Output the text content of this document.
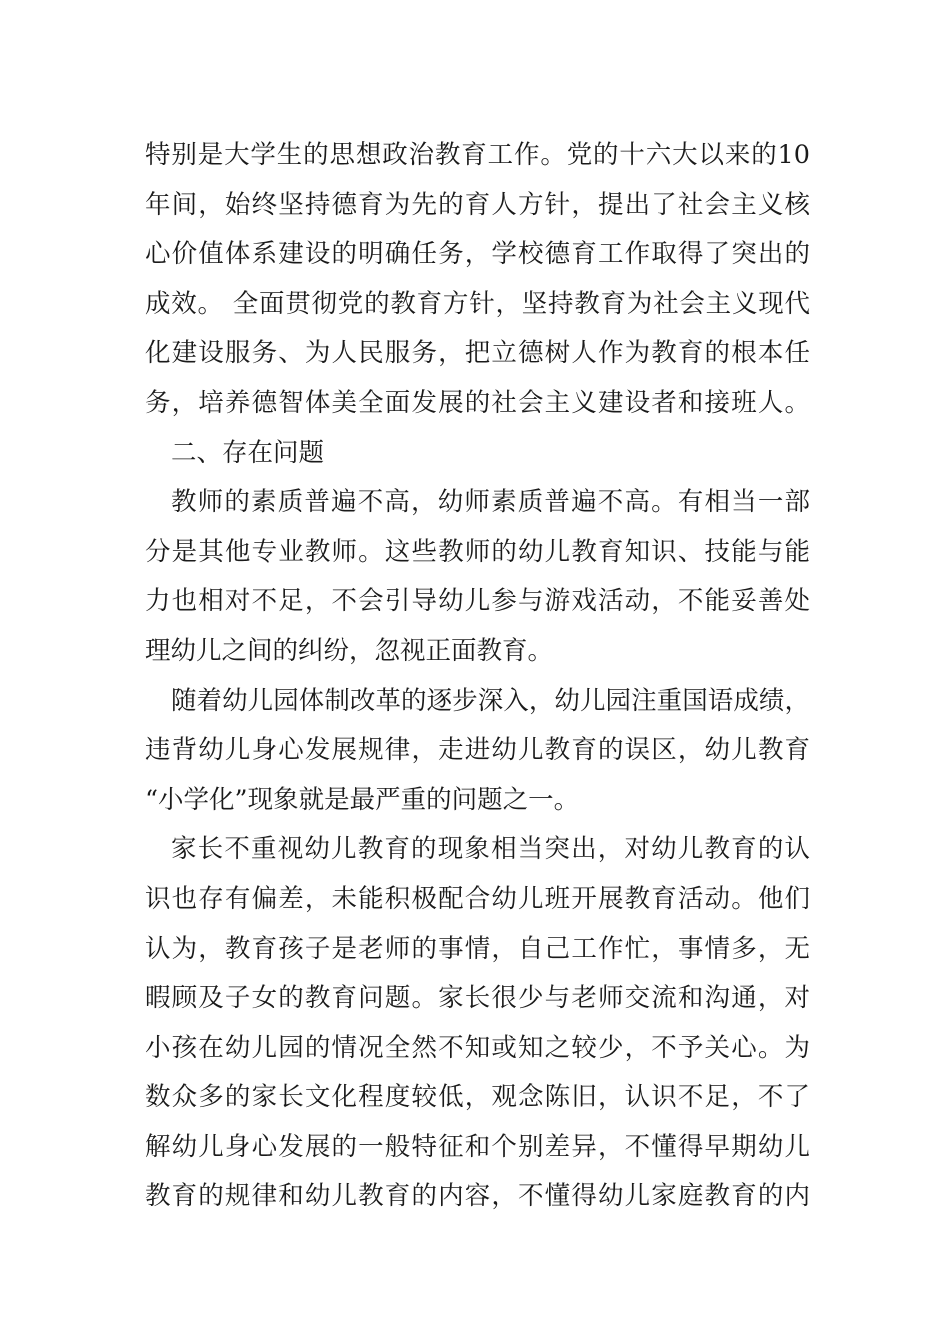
特别是大学生的思想政治教育工作。党的十六大以来的10
年间，始终坚持德育为先的育人方针，提出了社会主义核
心价值体系建设的明确任务，学校德育工作取得了突出的
成效。 全面贯彻党的教育方针，坚持教育为社会主义现代
化建设服务、为人民服务，把立德树人作为教育的根本任
务，培养德智体美全面发展的社会主义建设者和接班人。
二、存在问题
教师的素质普遍不高，幼师素质普遍不高。有相当一部
分是其他专业教师。这些教师的幼儿教育知识、技能与能
力也相对不足，不会引导幼儿参与游戏活动，不能妥善处
理幼儿之间的纠纷，忽视正面教育。
随着幼儿园体制改革的逐步深入，幼儿园注重国语成绩，
违背幼儿身心发展规律，走进幼儿教育的误区，幼儿教育
“小学化”现象就是最严重的问题之一。
家长不重视幼儿教育的现象相当突出，对幼儿教育的认
识也存有偏差，未能积极配合幼儿班开展教育活动。他们
认为，教育孩子是老师的事情，自己工作忙，事情多，无
暇顾及子女的教育问题。家长很少与老师交流和沟通，对
小孩在幼儿园的情况全然不知或知之较少，不予关心。为
数众多的家长文化程度较低，观念陈旧，认识不足，不了
解幼儿身心发展的一般特征和个别差异，不懂得早期幼儿
教育的规律和幼儿教育的内容，不懂得幼儿家庭教育的内
